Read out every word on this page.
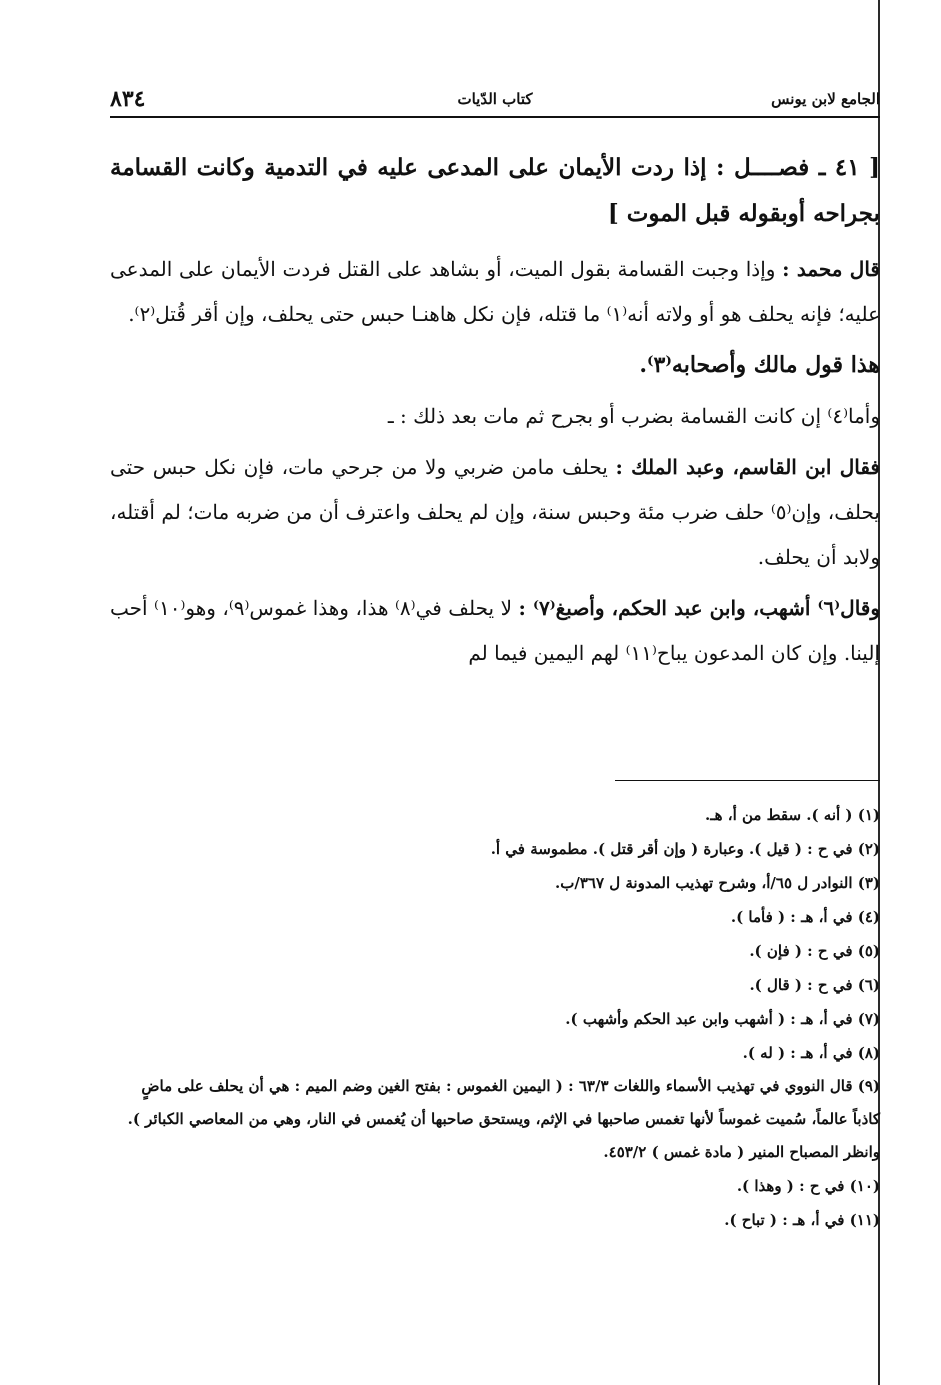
الجامع لابن يونس
كتاب الدّيات
٨٣٤

[ ٤١ ـ فصــــل : إذا ردت الأيمان على المدعى عليه في التدمية وكانت القسامة بجراحه أوبقوله قبل الموت ]

قال محمد : وإذا وجبت القسامة بقول الميت، أو بشاهد على القتل فردت الأيمان على المدعى عليه؛ فإنه يحلف هو أو ولاته أنه⁽١⁾ ما قتله، فإن نكل هاهنـا حبس حتى يحلف، وإن أقر قُتل⁽٢⁾.

هذا قول مالك وأصحابه⁽٣⁾.

وأما⁽٤⁾ إن كانت القسامة بضرب أو بجرح ثم مات بعد ذلك : ـ

فقال ابن القاسم، وعبد الملك : يحلف مامن ضربي ولا من جرحي مات، فإن نكل حبس حتى يحلف، وإن⁽٥⁾ حلف ضرب مئة وحبس سنة، وإن لم يحلف واعترف أن من ضربه مات؛ لم أقتله، ولابد أن يحلف.

وقال⁽٦⁾ أشهب، وابن عبد الحكم، وأصبغ⁽٧⁾ : لا يحلف في⁽٨⁾ هذا، وهذا غموس⁽٩⁾، وهو⁽١٠⁾ أحب إلينا. وإن كان المدعون يباح⁽١١⁾ لهم اليمين فيما لم

(١) ( أنه ). سقط من أ، هـ.

(٢) في ح : ( قيل ). وعبارة ( وإن أقر قتل ). مطموسة في أ.

(٣) النوادر ل ٦٥/أ، وشرح تهذيب المدونة ل ٣٦٧/ب.

(٤) في أ، هـ : ( فأما ).

(٥) في ح : ( فإن ).

(٦) في ح : ( قال ).

(٧) في أ، هـ : ( أشهب وابن عبد الحكم وأشهب ).

(٨) في أ، هـ : ( له ).

(٩) قال النووي في تهذيب الأسماء واللغات ٦٣/٣ : ( اليمين الغموس : بفتح الغين وضم الميم : هي أن يحلف على ماضٍ كاذباً عالماً، سُميت غموساً لأنها تغمس صاحبها في الإثم، ويستحق صاحبها أن يُغمس في النار، وهي من المعاصي الكبائر ). وانظر المصباح المنير ( مادة غمس ) ٤٥٣/٢.

(١٠) في ح : ( وهذا ).

(١١) في أ، هـ : ( تباح ).
